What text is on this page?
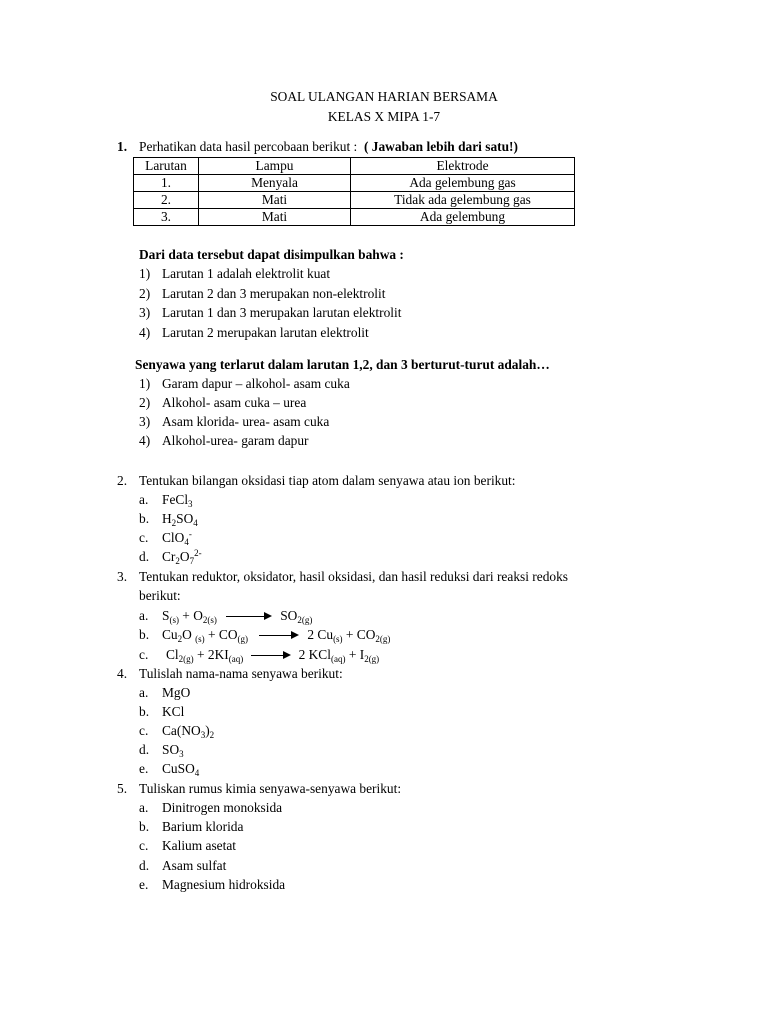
SOAL ULANGAN HARIAN BERSAMA
KELAS X MIPA 1-7
1. Perhatikan data hasil percobaan berikut : ( Jawaban lebih dari satu!)
Larutan	Lampu	Elektrode
1.	Menyala	Ada gelembung gas
2.	Mati	Tidak ada gelembung gas
3.	Mati	Ada gelembung
Dari data tersebut dapat disimpulkan bahwa :
1) Larutan 1 adalah elektrolit kuat
2) Larutan 2 dan 3 merupakan non-elektrolit
3) Larutan 1 dan 3 merupakan larutan elektrolit
4) Larutan 2 merupakan larutan elektrolit
Senyawa yang terlarut dalam larutan 1,2, dan 3 berturut-turut adalah…
1) Garam dapur – alkohol- asam cuka
2) Alkohol- asam cuka – urea
3) Asam klorida- urea- asam cuka
4) Alkohol-urea- garam dapur
2. Tentukan bilangan oksidasi tiap atom dalam senyawa atau ion berikut:
a. FeCl$_3$
b. $H_2SO_4$
c. ClO$_4$-
d. $Cr_2O_7^{2-}$
3. Tentukan reduktor, oksidator, hasil oksidasi, dan hasil reduksi dari reaksi redoks
berikut:
a. $S_{(s)} + O_{2(s)}$	$SO_{2(g)}$
b. $Cu_2O$ $_{(s)} + CO_{(g)}$	2 $Cu_{(s)} + CO_{2(g)}$
c. $Cl_{2(g)} + 2KI_{(aq)}$	2 $KCl_{(aq)} + I_{2(g)}$
4. Tulislah nama-nama senyawa berikut:
a. MgO
b. KCl
c. $Ca(NO_3)_2$
d. $SO_3$
e. CuSO$_4$
5. Tuliskan rumus kimia senyawa-senyawa berikut:
a. Dinitrogen monoksida
b. Barium klorida
c. Kalium asetat
d. Asam sulfat
e. Magnesium hidroksida
